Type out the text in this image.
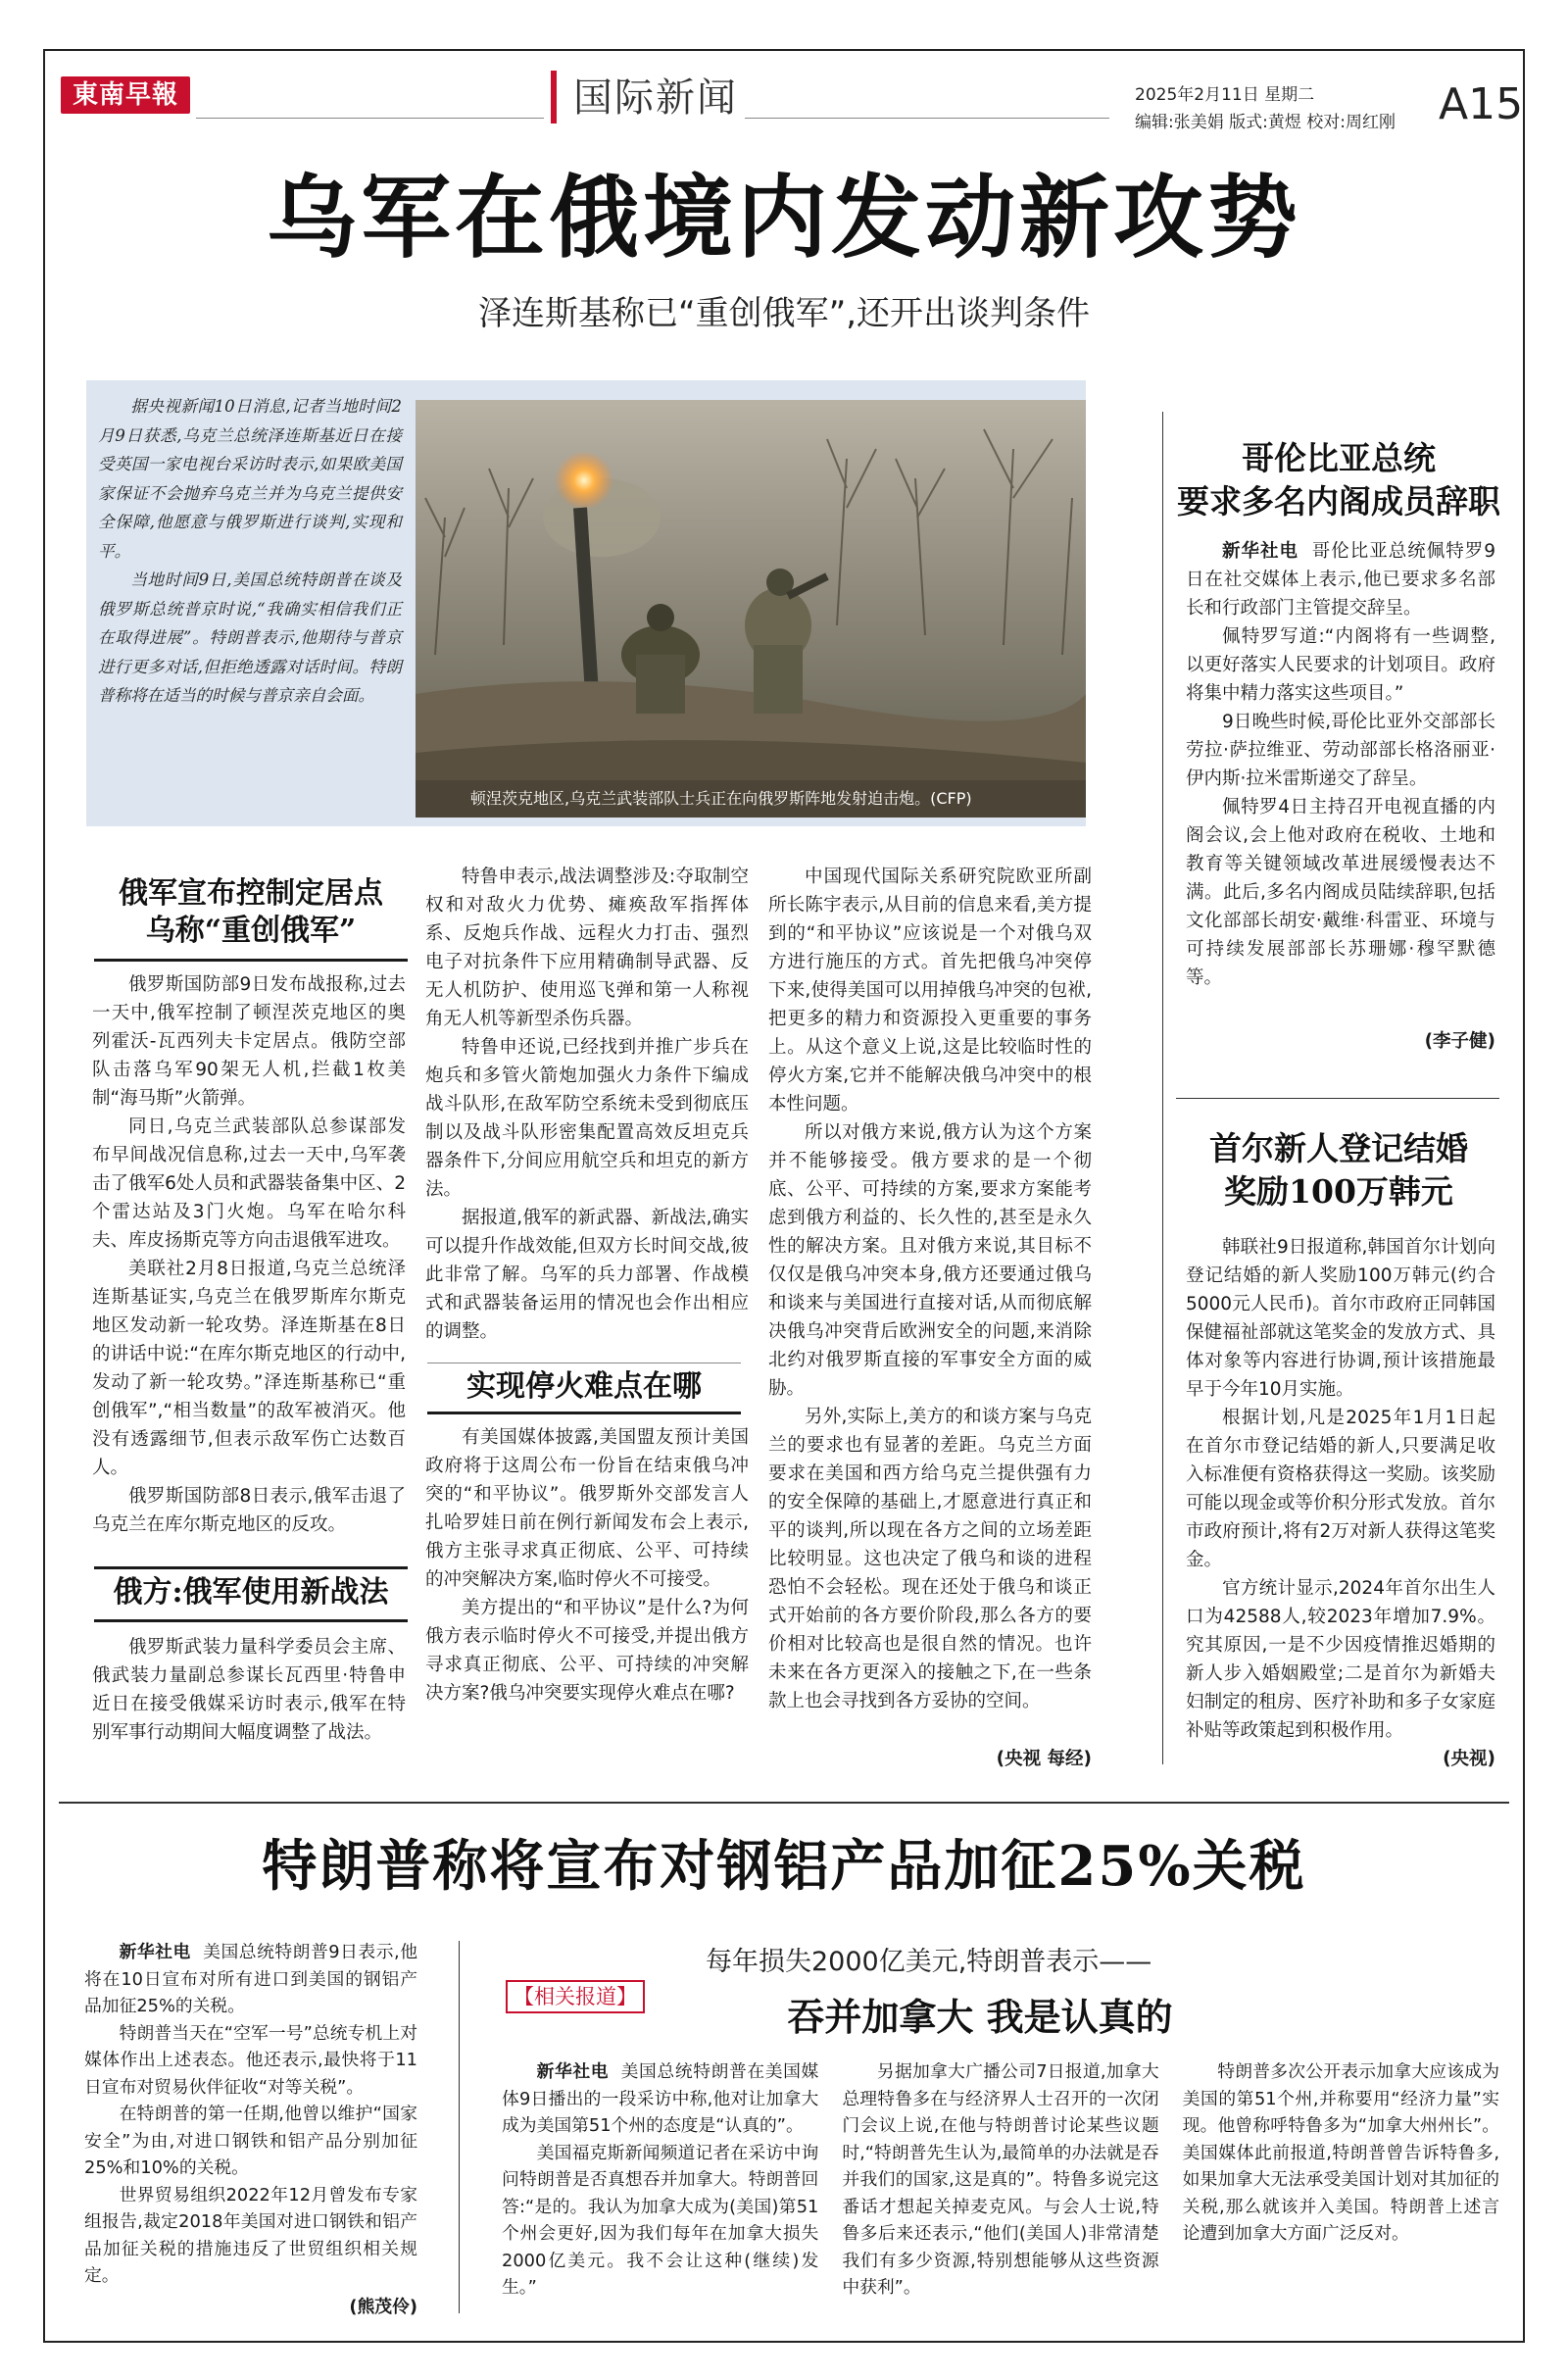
東南早報	国际新闻	2025年2月11日 星期二
编辑:张美娟 版式:黄煜 校对:周红刚 A15
乌军在俄境内发动新攻势
泽连斯基称已“重创俄军”,还开出谈判条件

据央视新闻10日消息,记者当地时间2月9日获悉,乌克兰总统泽连斯基近日在接受英国一家电视台采访时表示,如果欧美国家保证不会抛弃乌克兰并为乌克兰提供安全保障,他愿意与俄罗斯进行谈判,实现和平。

当地时间9日,美国总统特朗普在谈及俄罗斯总统普京时说,“我确实相信我们正在取得进展”。特朗普表示,他期待与普京进行更多对话,但拒绝透露对话时间。特朗普称将在适当的时候与普京亲自会面。

顿涅茨克地区,乌克兰武装部队士兵正在向俄罗斯阵地发射迫击炮。(CFP)
俄军宣布控制定居点
乌称“重创俄军”

俄罗斯国防部9日发布战报称,过去一天中,俄军控制了顿涅茨克地区的奥列霍沃-瓦西列夫卡定居点。俄防空部队击落乌军90架无人机,拦截1枚美制“海马斯”火箭弹。

同日,乌克兰武装部队总参谋部发布早间战况信息称,过去一天中,乌军袭击了俄军6处人员和武器装备集中区、2个雷达站及3门火炮。乌军在哈尔科夫、库皮扬斯克等方向击退俄军进攻。

美联社2月8日报道,乌克兰总统泽连斯基证实,乌克兰在俄罗斯库尔斯克地区发动新一轮攻势。泽连斯基在8日的讲话中说:“在库尔斯克地区的行动中,发动了新一轮攻势。”泽连斯基称已“重创俄军”,“相当数量”的敌军被消灭。他没有透露细节,但表示敌军伤亡达数百人。

俄罗斯国防部8日表示,俄军击退了乌克兰在库尔斯克地区的反攻。

俄方:俄军使用新战法

俄罗斯武装力量科学委员会主席、俄武装力量副总参谋长瓦西里·特鲁申近日在接受俄媒采访时表示,俄军在特别军事行动期间大幅度调整了战法。

特鲁申表示,战法调整涉及:夺取制空权和对敌火力优势、瘫痪敌军指挥体系、反炮兵作战、远程火力打击、强烈电子对抗条件下应用精确制导武器、反无人机防护、使用巡飞弹和第一人称视角无人机等新型杀伤兵器。

特鲁申还说,已经找到并推广步兵在炮兵和多管火箭炮加强火力条件下编成战斗队形,在敌军防空系统未受到彻底压制以及战斗队形密集配置高效反坦克兵器条件下,分间应用航空兵和坦克的新方法。

据报道,俄军的新武器、新战法,确实可以提升作战效能,但双方长时间交战,彼此非常了解。乌军的兵力部署、作战模式和武器装备运用的情况也会作出相应的调整。

实现停火难点在哪

有美国媒体披露,美国盟友预计美国政府将于这周公布一份旨在结束俄乌冲突的“和平协议”。俄罗斯外交部发言人扎哈罗娃日前在例行新闻发布会上表示,俄方主张寻求真正彻底、公平、可持续的冲突解决方案,临时停火不可接受。

美方提出的“和平协议”是什么?为何俄方表示临时停火不可接受,并提出俄方寻求真正彻底、公平、可持续的冲突解决方案?俄乌冲突要实现停火难点在哪?

中国现代国际关系研究院欧亚所副所长陈宇表示,从目前的信息来看,美方提到的“和平协议”应该说是一个对俄乌双方进行施压的方式。首先把俄乌冲突停下来,使得美国可以用掉俄乌冲突的包袱,把更多的精力和资源投入更重要的事务上。从这个意义上说,这是比较临时性的停火方案,它并不能解决俄乌冲突中的根本性问题。

所以对俄方来说,俄方认为这个方案并不能够接受。俄方要求的是一个彻底、公平、可持续的方案,要求方案能考虑到俄方利益的、长久性的,甚至是永久性的解决方案。且对俄方来说,其目标不仅仅是俄乌冲突本身,俄方还要通过俄乌和谈来与美国进行直接对话,从而彻底解决俄乌冲突背后欧洲安全的问题,来消除北约对俄罗斯直接的军事安全方面的威胁。

另外,实际上,美方的和谈方案与乌克兰的要求也有显著的差距。乌克兰方面要求在美国和西方给乌克兰提供强有力的安全保障的基础上,才愿意进行真正和平的谈判,所以现在各方之间的立场差距比较明显。这也决定了俄乌和谈的进程恐怕不会轻松。现在还处于俄乌和谈正式开始前的各方要价阶段,那么各方的要价相对比较高也是很自然的情况。也许未来在各方更深入的接触之下,在一些条款上也会寻找到各方妥协的空间。

(央视 每经)
哥伦比亚总统
要求多名内阁成员辞职

新华社电 哥伦比亚总统佩特罗9日在社交媒体上表示,他已要求多名部长和行政部门主管提交辞呈。

佩特罗写道:“内阁将有一些调整,以更好落实人民要求的计划项目。政府将集中精力落实这些项目。”

9日晚些时候,哥伦比亚外交部部长劳拉·萨拉维亚、劳动部部长格洛丽亚·伊内斯·拉米雷斯递交了辞呈。

佩特罗4日主持召开电视直播的内阁会议,会上他对政府在税收、土地和教育等关键领域改革进展缓慢表达不满。此后,多名内阁成员陆续辞职,包括文化部部长胡安·戴维·科雷亚、环境与可持续发展部部长苏珊娜·穆罕默德等。

(李子健)
首尔新人登记结婚
奖励100万韩元

韩联社9日报道称,韩国首尔计划向登记结婚的新人奖励100万韩元(约合5000元人民币)。首尔市政府正同韩国保健福祉部就这笔奖金的发放方式、具体对象等内容进行协调,预计该措施最早于今年10月实施。

根据计划,凡是2025年1月1日起在首尔市登记结婚的新人,只要满足收入标准便有资格获得这一奖励。该奖励可能以现金或等价积分形式发放。首尔市政府预计,将有2万对新人获得这笔奖金。

官方统计显示,2024年首尔出生人口为42588人,较2023年增加7.9%。究其原因,一是不少因疫情推迟婚期的新人步入婚姻殿堂;二是首尔为新婚夫妇制定的租房、医疗补助和多子女家庭补贴等政策起到积极作用。

(央视)
特朗普称将宣布对钢铝产品加征25%关税

新华社电 美国总统特朗普9日表示,他将在10日宣布对所有进口到美国的钢铝产品加征25%的关税。

特朗普当天在“空军一号”总统专机上对媒体作出上述表态。他还表示,最快将于11日宣布对贸易伙伴征收“对等关税”。

在特朗普的第一任期,他曾以维护“国家安全”为由,对进口钢铁和铝产品分别加征25%和10%的关税。

世界贸易组织2022年12月曾发布专家组报告,裁定2018年美国对进口钢铁和铝产品加征关税的措施违反了世贸组织相关规定。

(熊茂伶)
【相关报道】
每年损失2000亿美元,特朗普表示——
吞并加拿大 我是认真的

新华社电 美国总统特朗普在美国媒体9日播出的一段采访中称,他对让加拿大成为美国第51个州的态度是“认真的”。

美国福克斯新闻频道记者在采访中询问特朗普是否真想吞并加拿大。特朗普回答:“是的。我认为加拿大成为(美国)第51个州会更好,因为我们每年在加拿大损失2000亿美元。我不会让这种(继续)发生。”

另据加拿大广播公司7日报道,加拿大总理特鲁多在与经济界人士召开的一次闭门会议上说,在他与特朗普讨论某些议题时,“特朗普先生认为,最简单的办法就是吞并我们的国家,这是真的”。特鲁多说完这番话才想起关掉麦克风。与会人士说,特鲁多后来还表示,“他们(美国人)非常清楚我们有多少资源,特别想能够从这些资源中获利”。

特朗普多次公开表示加拿大应该成为美国的第51个州,并称要用“经济力量”实现。他曾称呼特鲁多为“加拿大州州长”。美国媒体此前报道,特朗普曾告诉特鲁多,如果加拿大无法承受美国计划对其加征的关税,那么就该并入美国。特朗普上述言论遭到加拿大方面广泛反对。
